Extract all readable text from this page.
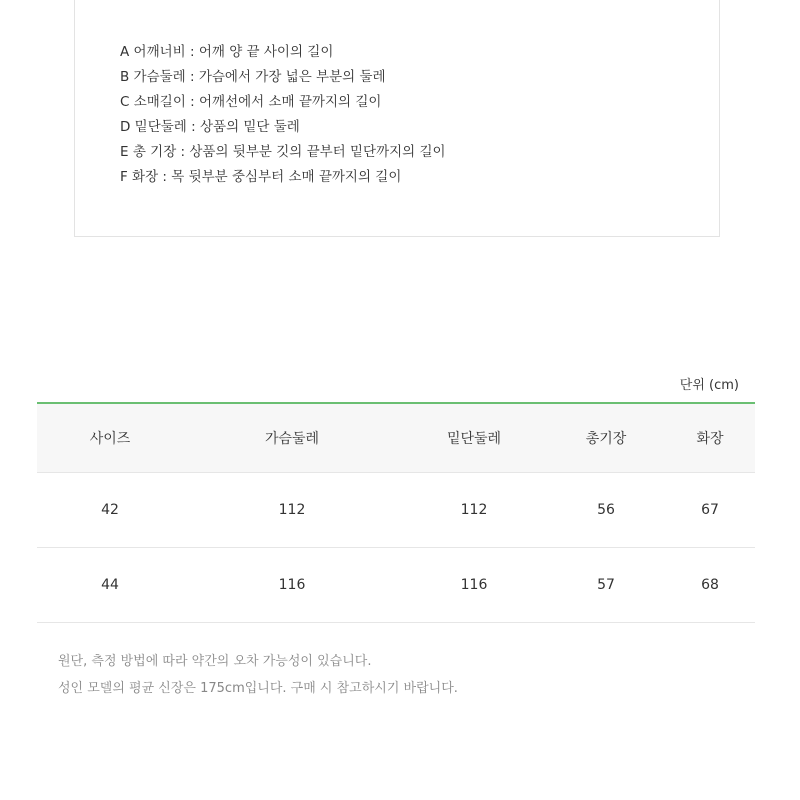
A 어깨너비 : 어깨 양 끝 사이의 길이
B 가슴둘레 : 가슴에서 가장 넓은 부분의 둘레
C 소매길이 : 어깨선에서 소매 끝까지의 길이
D 밑단둘레 : 상품의 밑단 둘레
E 총 기장 : 상품의 뒷부분 깃의 끝부터 밑단까지의 길이
F 화장 : 목 뒷부분 중심부터 소매 끝까지의 길이
단위 (cm)
사이즈	가슴둘레	밑단둘레	총기장	화장
42	112	112	56	67
44	116	116	57	68

원단, 측정 방법에 따라 약간의 오차 가능성이 있습니다.

성인 모델의 평균 신장은 175cm입니다. 구매 시 참고하시기 바랍니다.
